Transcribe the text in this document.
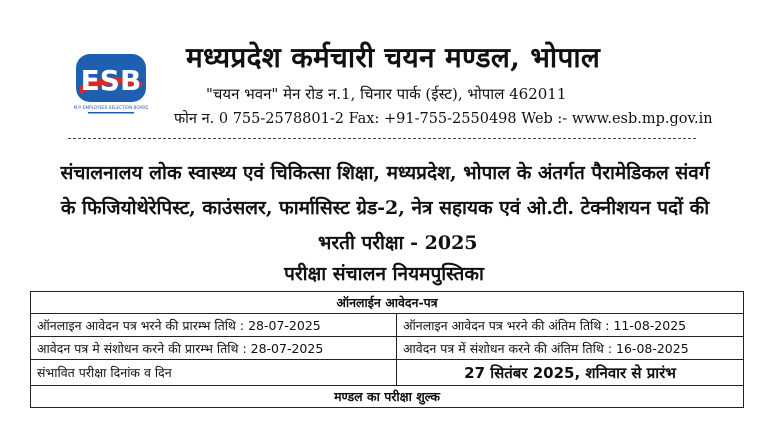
ESB
M.P. EMPLOYEES SELECTION BOARD
मध्यप्रदेश कर्मचारी चयन मण्डल, भोपाल
"चयन भवन" मेन रोड न.1, चिनार पार्क (ईस्ट), भोपाल 462011
फोन न. 0 755-2578801-2 Fax: +91-755-2550498 Web :- www.esb.mp.gov.in
संचालनालय लोक स्वास्थ्य एवं चिकित्सा शिक्षा, मध्यप्रदेश, भोपाल के अंतर्गत पैरामेडिकल संवर्ग
के फिजियोथेरेपिस्ट, काउंसलर, फार्मासिस्ट ग्रेड-2, नेत्र सहायक एवं ओ.टी. टेक्नीशयन पदों की
भरती परीक्षा - 2025
परीक्षा संचालन नियमपुस्तिका
ऑनलाईन आवेदन-पत्र	
ऑनलाइन आवेदन पत्र भरने की प्रारम्भ तिथि : 28-07-2025	ऑनलाइन आवेदन पत्र भरने की अंतिम तिथि : 11-08-2025
आवेदन पत्र मे संशोधन करने की प्रारम्भ तिथि : 28-07-2025	आवेदन पत्र में संशोधन करने की अंतिम तिथि : 16-08-2025
संभावित परीक्षा दिनांक व दिन	27 सितंबर 2025, शनिवार से प्रारंभ
मण्डल का परीक्षा शुल्क	
